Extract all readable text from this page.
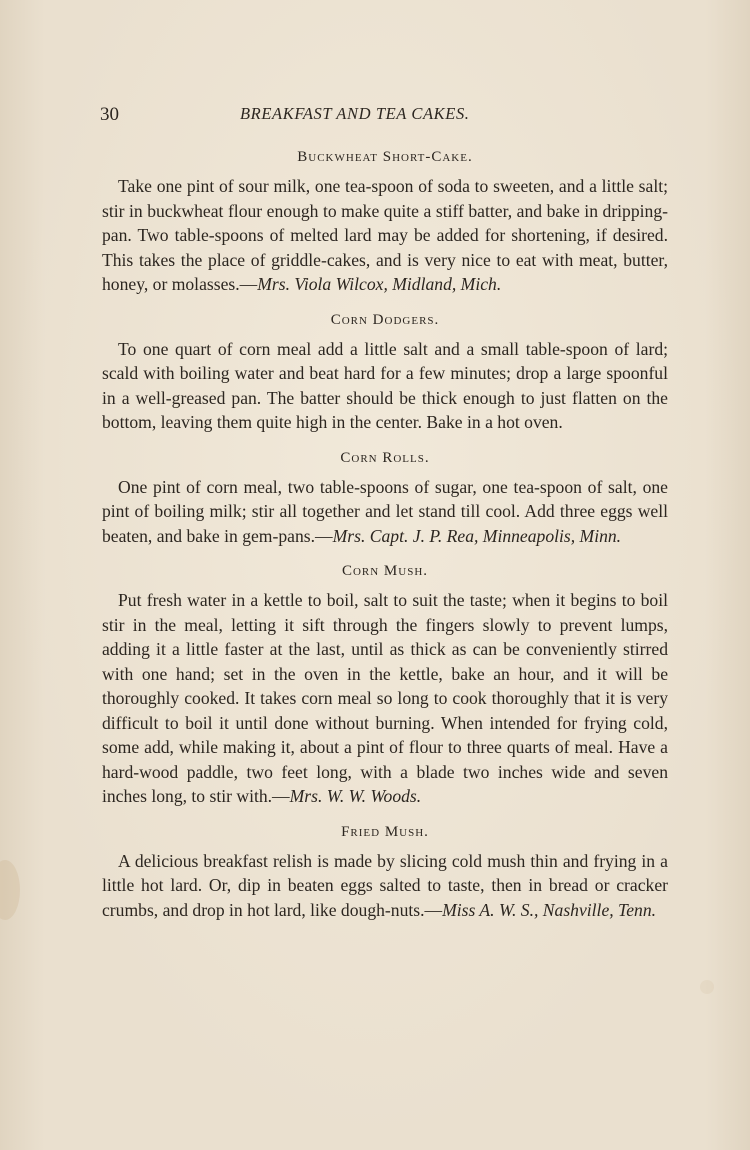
30	BREAKFAST AND TEA CAKES.
Buckwheat Short-Cake.

Take one pint of sour milk, one tea-spoon of soda to sweeten, and a little salt; stir in buckwheat flour enough to make quite a stiff batter, and bake in dripping-pan. Two table-spoons of melted lard may be added for shortening, if desired. This takes the place of griddle-cakes, and is very nice to eat with meat, butter, honey, or molasses.—Mrs. Viola Wilcox, Midland, Mich.

Corn Dodgers.

To one quart of corn meal add a little salt and a small table-spoon of lard; scald with boiling water and beat hard for a few minutes; drop a large spoonful in a well-greased pan. The batter should be thick enough to just flatten on the bottom, leaving them quite high in the center. Bake in a hot oven.

Corn Rolls.

One pint of corn meal, two table-spoons of sugar, one tea-spoon of salt, one pint of boiling milk; stir all together and let stand till cool. Add three eggs well beaten, and bake in gem-pans.—Mrs. Capt. J. P. Rea, Minneapolis, Minn.

Corn Mush.

Put fresh water in a kettle to boil, salt to suit the taste; when it begins to boil stir in the meal, letting it sift through the fingers slowly to prevent lumps, adding it a little faster at the last, until as thick as can be conveniently stirred with one hand; set in the oven in the kettle, bake an hour, and it will be thoroughly cooked. It takes corn meal so long to cook thoroughly that it is very difficult to boil it until done without burning. When intended for frying cold, some add, while making it, about a pint of flour to three quarts of meal. Have a hard-wood paddle, two feet long, with a blade two inches wide and seven inches long, to stir with.—Mrs. W. W. Woods.

Fried Mush.

A delicious breakfast relish is made by slicing cold mush thin and frying in a little hot lard. Or, dip in beaten eggs salted to taste, then in bread or cracker crumbs, and drop in hot lard, like dough-nuts.—Miss A. W. S., Nashville, Tenn.
